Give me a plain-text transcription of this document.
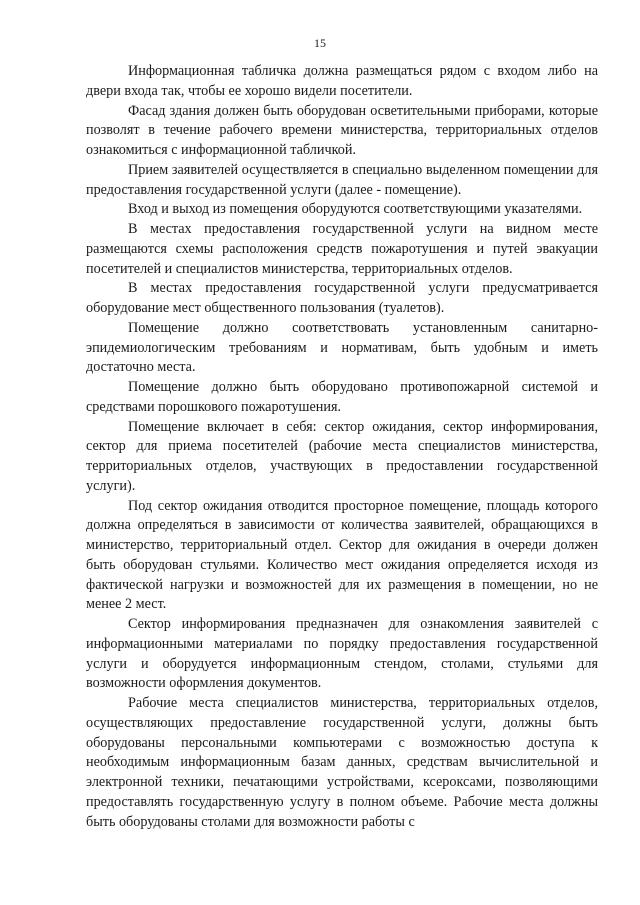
15

Информационная табличка должна размещаться рядом с входом либо на двери входа так, чтобы ее хорошо видели посетители.

Фасад здания должен быть оборудован осветительными приборами, которые позволят в течение рабочего времени министерства, территориальных отделов ознакомиться с информационной табличкой.

Прием заявителей осуществляется в специально выделенном помещении для предоставления государственной услуги (далее - помещение).

Вход и выход из помещения оборудуются соответствующими указателями.

В местах предоставления государственной услуги на видном месте размещаются схемы расположения средств пожаротушения и путей эвакуации посетителей и специалистов министерства, территориальных отделов.

В местах предоставления государственной услуги предусматривается оборудование мест общественного пользования (туалетов).

Помещение должно соответствовать установленным санитарно-эпидемиологическим требованиям и нормативам, быть удобным и иметь достаточно места.

Помещение должно быть оборудовано противопожарной системой и средствами порошкового пожаротушения.

Помещение включает в себя: сектор ожидания, сектор информирования, сектор для приема посетителей (рабочие места специалистов министерства, территориальных отделов, участвующих в предоставлении государственной услуги).

Под сектор ожидания отводится просторное помещение, площадь которого должна определяться в зависимости от количества заявителей, обращающихся в министерство, территориальный отдел. Сектор для ожидания в очереди должен быть оборудован стульями. Количество мест ожидания определяется исходя из фактической нагрузки и возможностей для их размещения в помещении, но не менее 2 мест.

Сектор информирования предназначен для ознакомления заявителей с информационными материалами по порядку предоставления государственной услуги и оборудуется информационным стендом, столами, стульями для возможности оформления документов.

Рабочие места специалистов министерства, территориальных отделов, осуществляющих предоставление государственной услуги, должны быть оборудованы персональными компьютерами с возможностью доступа к необходимым информационным базам данных, средствам вычислительной и электронной техники, печатающими устройствами, ксероксами, позволяющими предоставлять государственную услугу в полном объеме. Рабочие места должны быть оборудованы столами для возможности работы с
